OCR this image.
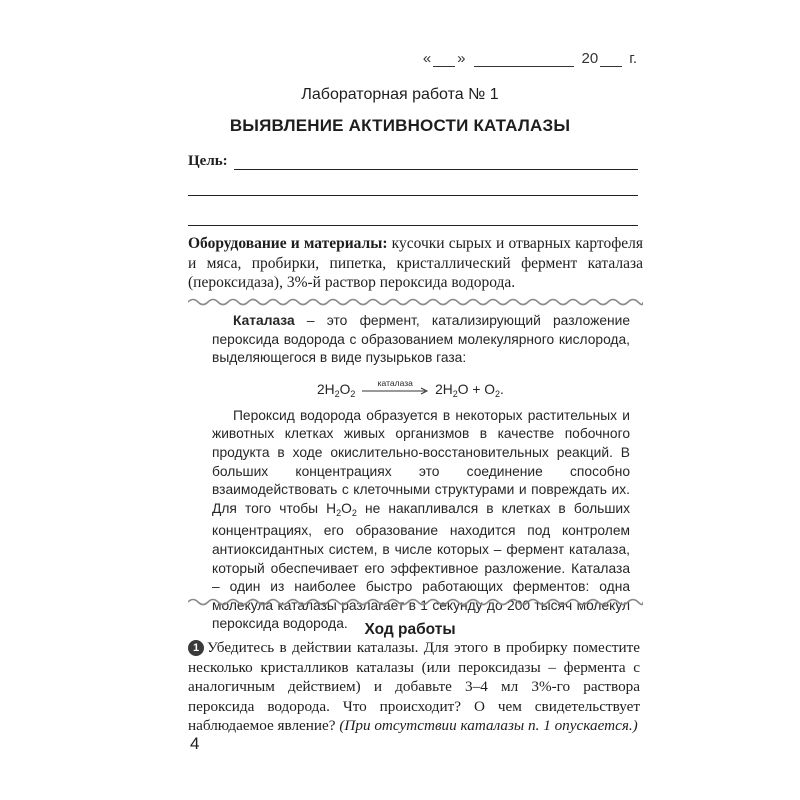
« »	20 г.
Лабораторная работа № 1
ВЫЯВЛЕНИЕ АКТИВНОСТИ КАТАЛАЗЫ
Цель:
Оборудование и материалы: кусочки сырых и отварных картофеля и мяса, пробирки, пипетка, кристаллический фермент каталаза (пероксидаза), 3%-й раствор пероксида водорода.

Каталаза – это фермент, катализирующий разложение пероксида водорода с образованием молекулярного кислорода, выделяющегося в виде пузырьков газа:

$2H_2O_2$
каталаза	$2H_2O + O_2$.

Пероксид водорода образуется в некоторых растительных и животных клетках живых организмов в качестве побочного продукта в ходе окислительно-восстановительных реакций. В больших концентрациях это соединение способно взаимодействовать с клеточными структурами и повреждать их. Для того чтобы $H_2O_2$ не накапливался в клетках в больших концентрациях, его образование находится под контролем антиоксидантных систем, в числе которых – фермент каталаза, который обеспечивает его эффективное разложение. Каталаза – один из наиболее быстро работающих ферментов: одна молекула каталазы разлагает в 1 секунду до 200 тысяч молекул пероксида водорода.	Ход работы
1 Убедитесь в действии каталазы. Для этого в пробирку поместите несколько кристалликов каталазы (или пероксидазы – фермента с аналогичным действием) и добавьте 3–4 мл 3%-го раствора пероксида водорода. Что происходит? О чем свидетельствует наблюдаемое явление? (При отсутствии каталазы п. 1 опускается.)
4
